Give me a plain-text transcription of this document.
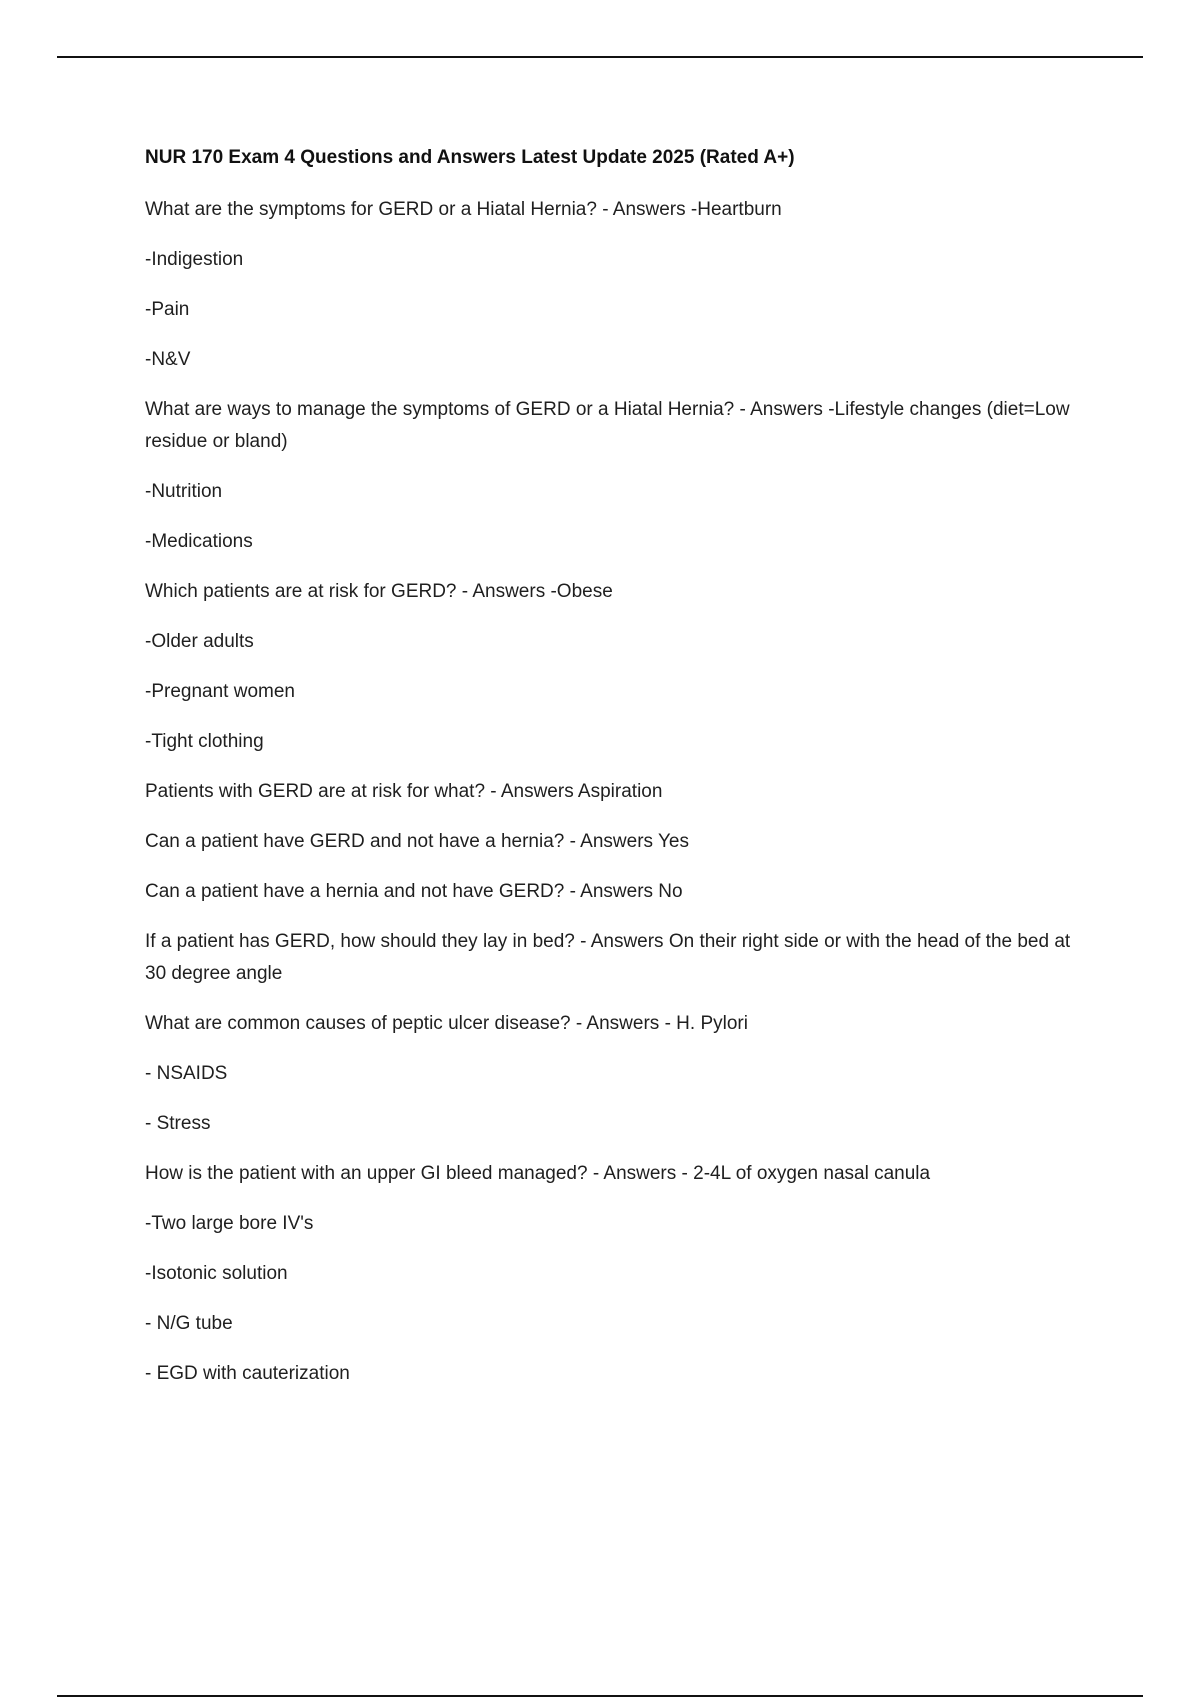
NUR 170 Exam 4 Questions and Answers Latest Update 2025 (Rated A+)
What are the symptoms for GERD or a Hiatal Hernia? - Answers -Heartburn
-Indigestion
-Pain
-N&V
What are ways to manage the symptoms of GERD or a Hiatal Hernia? - Answers -Lifestyle changes (diet=Low residue or bland)
-Nutrition
-Medications
Which patients are at risk for GERD? - Answers -Obese
-Older adults
-Pregnant women
-Tight clothing
Patients with GERD are at risk for what? - Answers Aspiration
Can a patient have GERD and not have a hernia? - Answers Yes
Can a patient have a hernia and not have GERD? - Answers No
If a patient has GERD, how should they lay in bed? - Answers On their right side or with the head of the bed at 30 degree angle
What are common causes of peptic ulcer disease? - Answers - H. Pylori
- NSAIDS
- Stress
How is the patient with an upper GI bleed managed? - Answers - 2-4L of oxygen nasal canula
-Two large bore IV's
-Isotonic solution
- N/G tube
- EGD with cauterization
